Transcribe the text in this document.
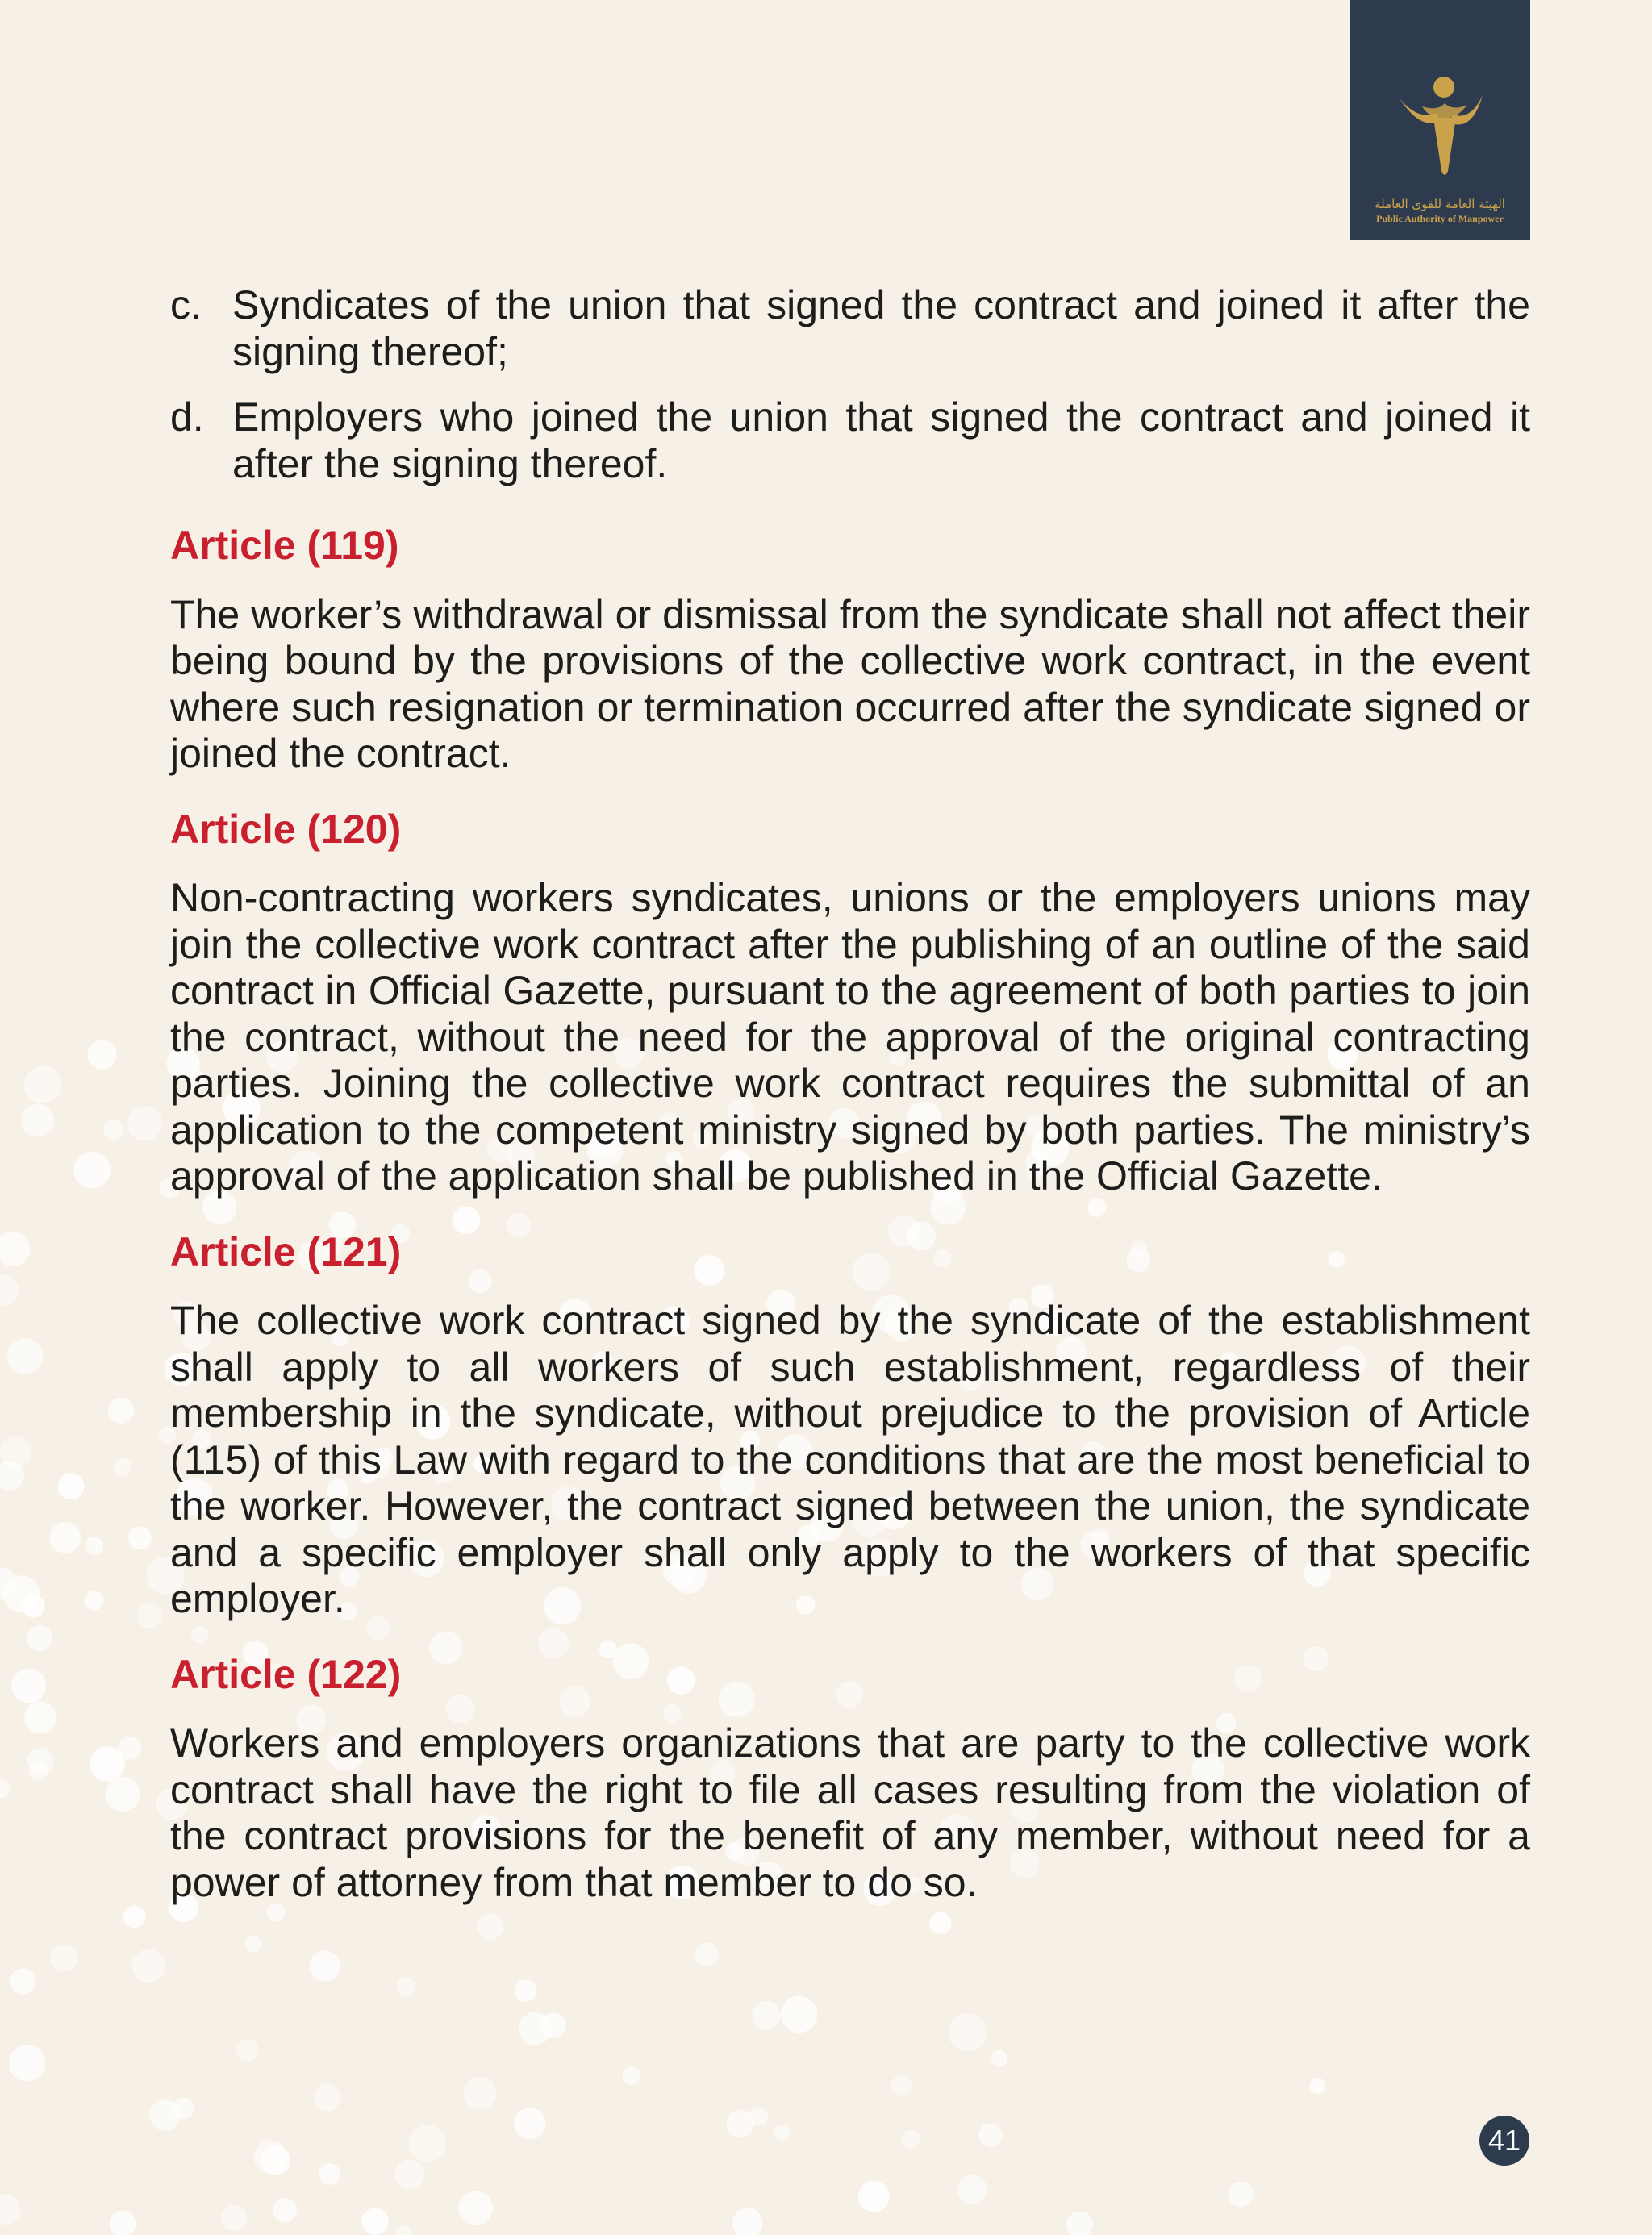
الهيئة العامة للقوى العاملة
Public Authority of Manpower
c. Syndicates of the union that signed the contract and joined it after the signing thereof;
d. Employers who joined the union that signed the contract and joined it after the signing thereof.
Article (119)

The worker’s withdrawal or dismissal from the syndicate shall not affect their being bound by the provisions of the collective work contract, in the event where such resignation or termination occurred after the syndicate signed or joined the contract.

Article (120)

Non-contracting workers syndicates, unions or the employers unions may join the collective work contract after the publishing of an outline of the said contract in Official Gazette, pursuant to the agreement of both parties to join the contract, without the need for the approval of the original contracting parties. Joining the collective work contract requires the submittal of an application to the competent ministry signed by both parties. The ministry’s approval of the application shall be published in the Official Gazette.

Article (121)

The collective work contract signed by the syndicate of the establishment shall apply to all workers of such establishment, regardless of their membership in the syndicate, without prejudice to the provision of Article (115) of this Law with regard to the conditions that are the most beneficial to the worker. However, the contract signed between the union, the syndicate and a specific employer shall only apply to the workers of that specific employer.

Article (122)

Workers and employers organizations that are party to the collective work contract shall have the right to file all cases resulting from the violation of the contract provisions for the benefit of any member, without need for a power of attorney from that member to do so.

41
